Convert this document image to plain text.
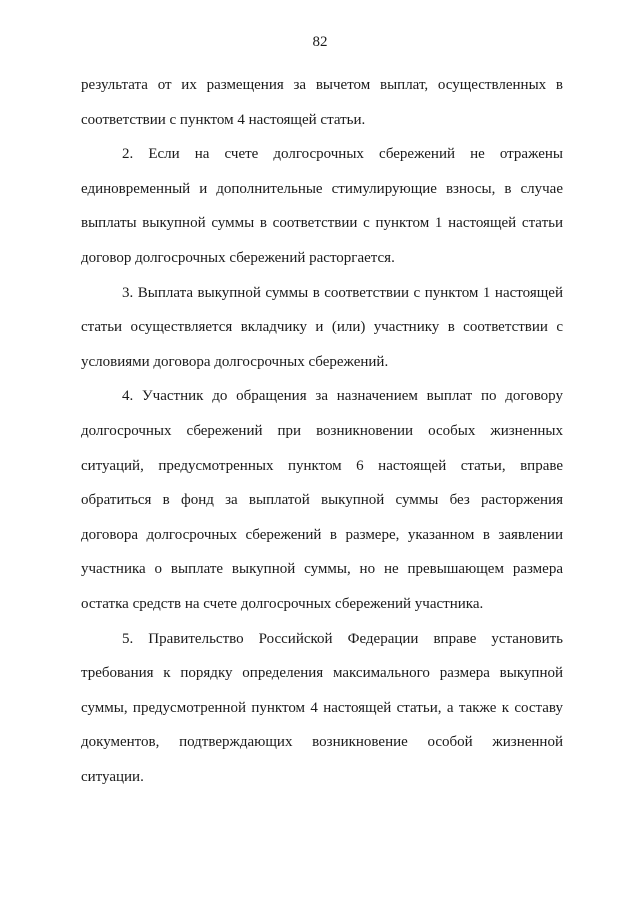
82

результата от их размещения за вычетом выплат, осуществленных в соответствии с пунктом 4 настоящей статьи.

2. Если на счете долгосрочных сбережений не отражены единовременный и дополнительные стимулирующие взносы, в случае выплаты выкупной суммы в соответствии с пунктом 1 настоящей статьи договор долгосрочных сбережений расторгается.

3. Выплата выкупной суммы в соответствии с пунктом 1 настоящей статьи осуществляется вкладчику и (или) участнику в соответствии с условиями договора долгосрочных сбережений.

4. Участник до обращения за назначением выплат по договору долгосрочных сбережений при возникновении особых жизненных ситуаций, предусмотренных пунктом 6 настоящей статьи, вправе обратиться в фонд за выплатой выкупной суммы без расторжения договора долгосрочных сбережений в размере, указанном в заявлении участника о выплате выкупной суммы, но не превышающем размера остатка средств на счете долгосрочных сбережений участника.

5. Правительство Российской Федерации вправе установить требования к порядку определения максимального размера выкупной суммы, предусмотренной пунктом 4 настоящей статьи, а также к составу документов, подтверждающих возникновение особой жизненной ситуации.
